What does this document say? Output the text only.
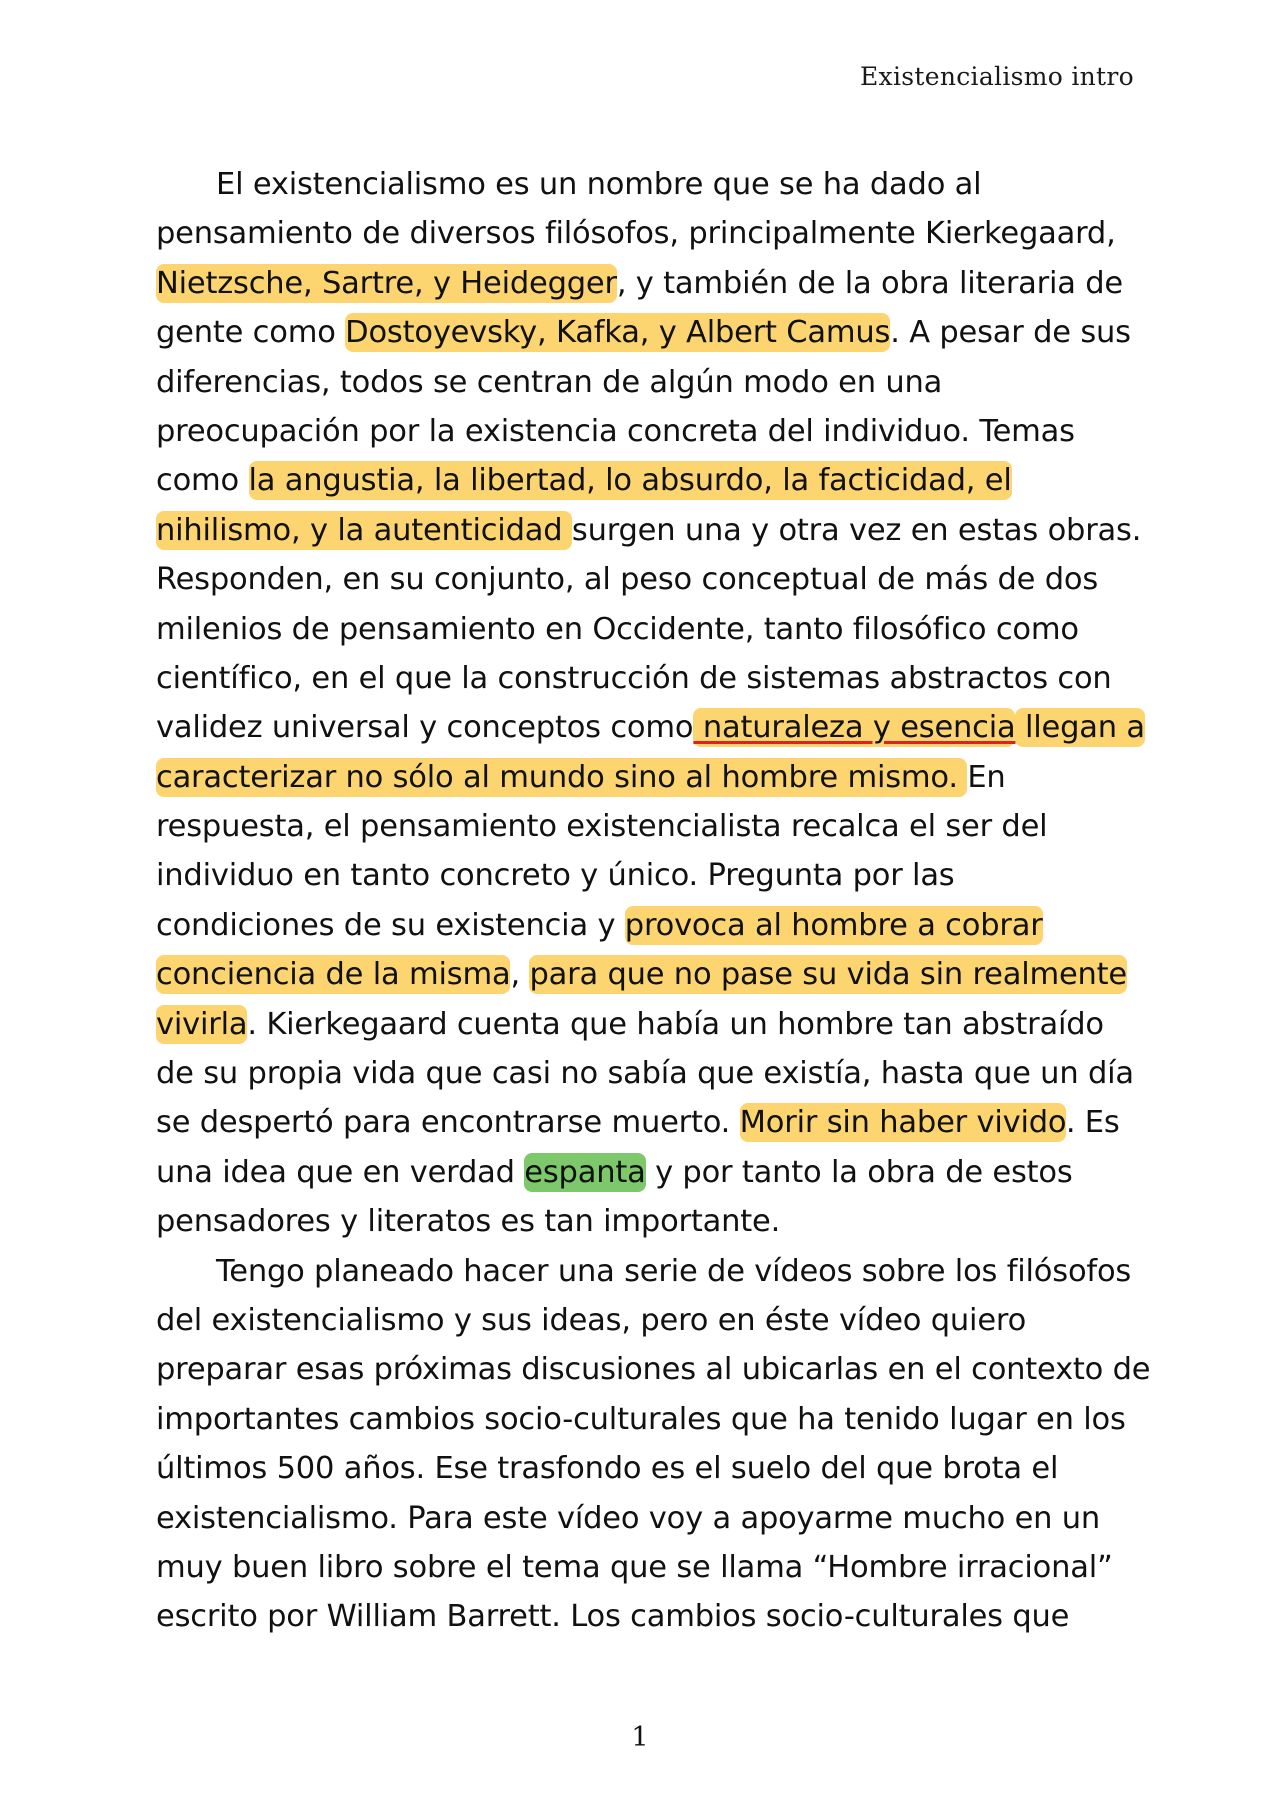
Existencialismo intro
El existencialismo es un nombre que se ha dado al
pensamiento de diversos filósofos, principalmente Kierkegaard,
Nietzsche, Sartre, y Heidegger, y también de la obra literaria de
gente como Dostoyevsky, Kafka, y Albert Camus. A pesar de sus
diferencias, todos se centran de algún modo en una
preocupación por la existencia concreta del individuo. Temas
como la angustia, la libertad, lo absurdo, la facticidad, el
nihilismo, y la autenticidad surgen una y otra vez en estas obras.
Responden, en su conjunto, al peso conceptual de más de dos
milenios de pensamiento en Occidente, tanto filosófico como
científico, en el que la construcción de sistemas abstractos con
validez universal y conceptos como naturaleza y esencia llegan a
caracterizar no sólo al mundo sino al hombre mismo. En
respuesta, el pensamiento existencialista recalca el ser del
individuo en tanto concreto y único. Pregunta por las
condiciones de su existencia y provoca al hombre a cobrar
conciencia de la misma, para que no pase su vida sin realmente
vivirla. Kierkegaard cuenta que había un hombre tan abstraído
de su propia vida que casi no sabía que existía, hasta que un día
se despertó para encontrarse muerto. Morir sin haber vivido. Es
una idea que en verdad espanta y por tanto la obra de estos
pensadores y literatos es tan importante.
Tengo planeado hacer una serie de vídeos sobre los filósofos
del existencialismo y sus ideas, pero en éste vídeo quiero
preparar esas próximas discusiones al ubicarlas en el contexto de
importantes cambios socio-culturales que ha tenido lugar en los
últimos 500 años. Ese trasfondo es el suelo del que brota el
existencialismo. Para este vídeo voy a apoyarme mucho en un
muy buen libro sobre el tema que se llama “Hombre irracional”
escrito por William Barrett. Los cambios socio-culturales que
1
